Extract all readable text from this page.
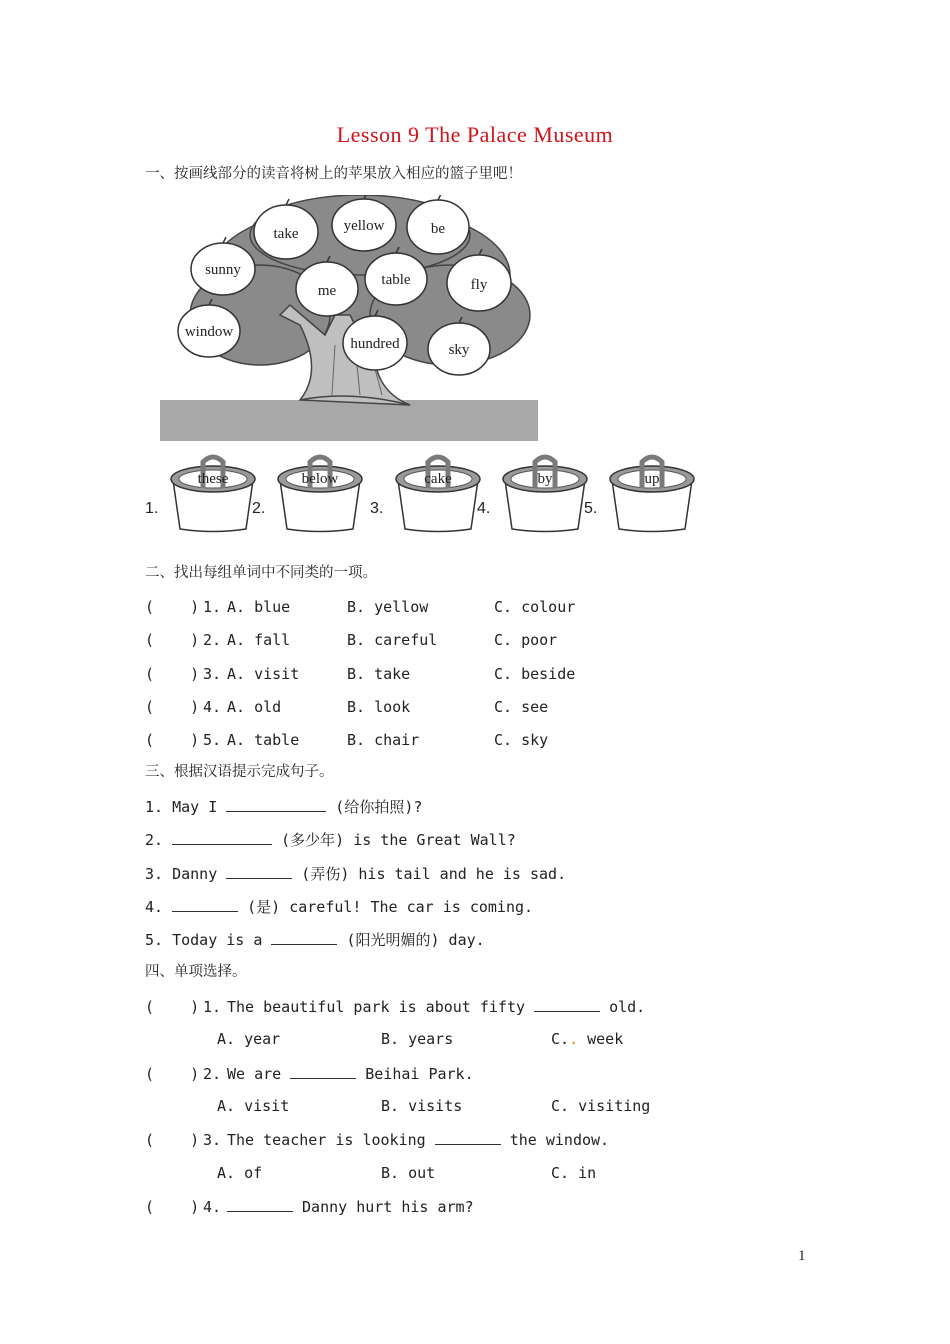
Lesson 9 The Palace Museum
一、按画线部分的读音将树上的苹果放入相应的篮子里吧！
take	yellow	be
sunny
me
table	fly
window
hundred	sky
1.
these
2.
below
3.
cake
4.
by
5.
up
二、找出每组单词中不同类的一项。
(    ) 1. A. blue	B. yellow	C. colour
(    ) 2. A. fall	B. careful	C. poor
(    ) 3. A. visit	B. take	C. beside
(    ) 4. A. old	B. look	C. see
(    ) 5. A. table	B. chair	C. sky
三、根据汉语提示完成句子。
1. May I	(给你拍照)?
2.	(多少年) is the Great Wall?
3. Danny	(弄伤) his tail and he is sad.
4.	(是) careful! The car is coming.
5. Today is a	(阳光明媚的) day.
四、单项选择。
(    ) 1. The beautiful park is about fifty	old.
A. year	B. years	C.. week
(    ) 2. We are	Beihai Park.
A. visit	B. visits	C. visiting
(    ) 3. The teacher is looking	the window.
A. of	B. out	C. in
(    ) 4.	Danny hurt his arm?
1
